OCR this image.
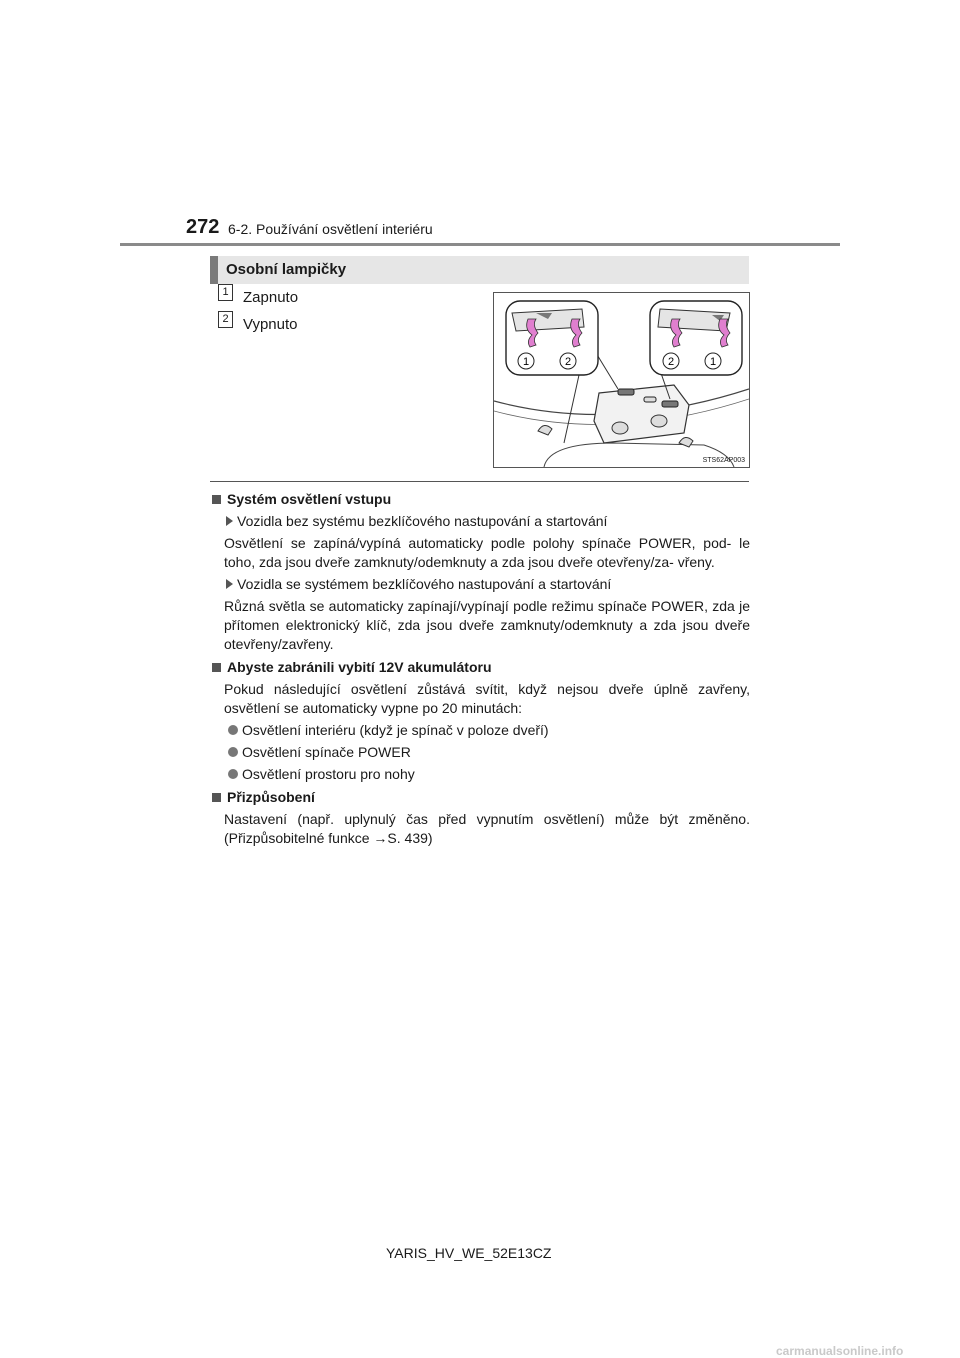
272 6-2. Používání osvětlení interiéru
Osobní lampičky
1 Zapnuto
2 Vypnuto
1	2	2	1
STS62AP003
Systém osvětlení vstupu
Vozidla bez systému bezklíčového nastupování a startování
Osvětlení se zapíná/vypíná automaticky podle polohy spínače POWER, pod- le toho, zda jsou dveře zamknuty/odemknuty a zda jsou dveře otevřeny/za- vřeny.
Vozidla se systémem bezklíčového nastupování a startování
Různá světla se automaticky zapínají/vypínají podle režimu spínače POWER, zda je přítomen elektronický klíč, zda jsou dveře zamknuty/odemknuty a zda jsou dveře otevřeny/zavřeny.
Abyste zabránili vybití 12V akumulátoru
Pokud následující osvětlení zůstává svítit, když nejsou dveře úplně zavřeny, osvětlení se automaticky vypne po 20 minutách:
Osvětlení interiéru (když je spínač v poloze dveří)
Osvětlení spínače POWER
Osvětlení prostoru pro nohy
Přizpůsobení
Nastavení (např. uplynulý čas před vypnutím osvětlení) může být změněno. (Přizpůsobitelné funkce →S. 439)
YARIS_HV_WE_52E13CZ
carmanualsonline.info
